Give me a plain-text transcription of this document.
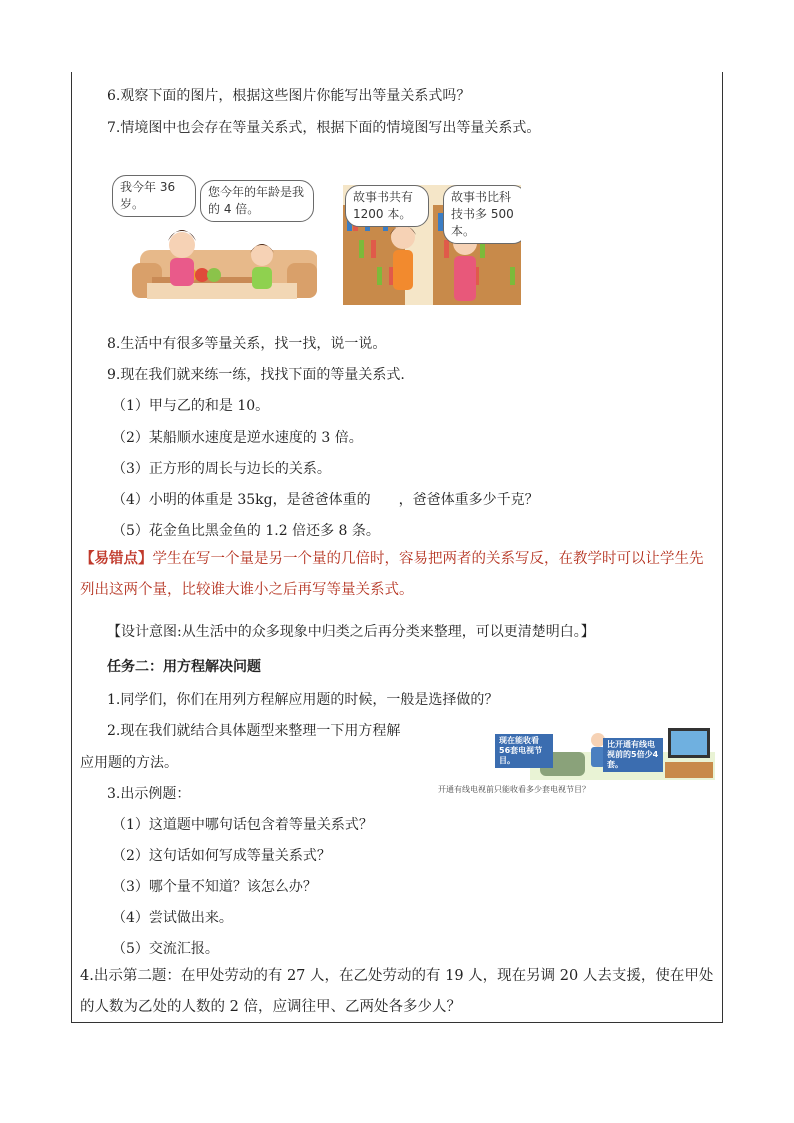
6.观察下面的图片，根据这些图片你能写出等量关系式吗？
7.情境图中也会存在等量关系式，根据下面的情境图写出等量关系式。
我今年 36 岁。
您今年的年龄是我的 4 倍。
故事书共有 1200 本。
故事书比科技书多 500 本。
8.生活中有很多等量关系，找一找，说一说。
9.现在我们就来练一练，找找下面的等量关系式.
（1）甲与乙的和是 10。
（2）某船顺水速度是逆水速度的 3 倍。
（3）正方形的周长与边长的关系。
（4）小明的体重是 35kg，是爸爸体重的　　，爸爸体重多少千克？
（5）花金鱼比黑金鱼的 1.2 倍还多 8 条。
【易错点】学生在写一个量是另一个量的几倍时，容易把两者的关系写反，在教学时可以让学生先列出这两个量，比较谁大谁小之后再写等量关系式。
【设计意图:从生活中的众多现象中归类之后再分类来整理，可以更清楚明白。】
任务二：用方程解决问题
1.同学们，你们在用列方程解应用题的时候，一般是选择做的？
2.现在我们就结合具体题型来整理一下用方程解
应用题的方法。
现在能收看56套电视节目。
比开通有线电视前的5倍少4套。
开通有线电视前只能收看多少套电视节目？
3.出示例题：
（1）这道题中哪句话包含着等量关系式？
（2）这句话如何写成等量关系式？
（3）哪个量不知道？该怎么办？
（4）尝试做出来。
（5）交流汇报。
4.出示第二题：在甲处劳动的有 27 人，在乙处劳动的有 19 人，现在另调 20 人去支援，使在甲处的人数为乙处的人数的 2 倍，应调往甲、乙两处各多少人？
